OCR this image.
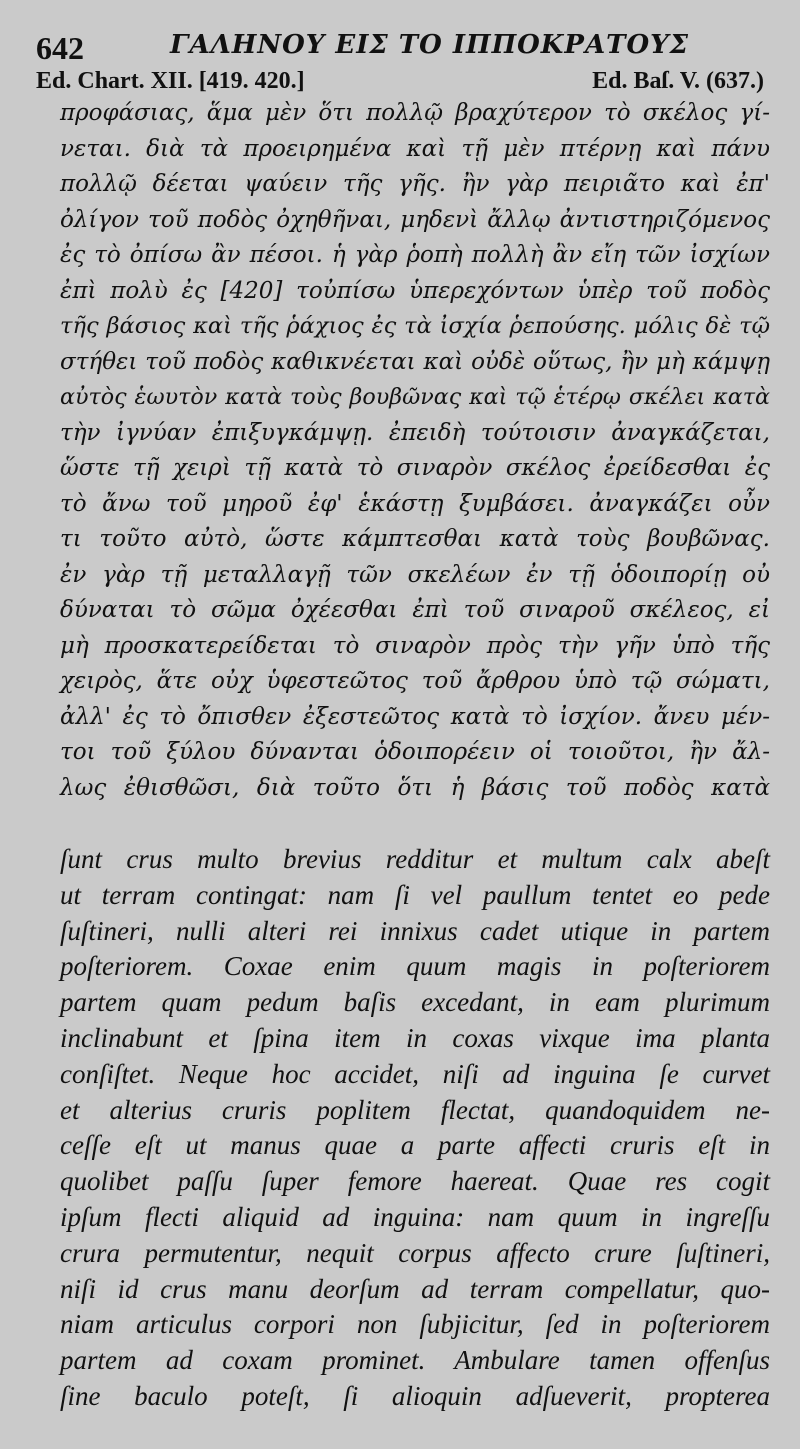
642	ΓΑΛΗΝΟΥ ΕΙΣ ΤΟ ΙΠΠΟΚΡΑΤΟΥΣ
Ed. Chart. XII. [419. 420.]	Ed. Baſ. V. (637.)
προφάσιας, ἅμα μὲν ὅτι πολλῷ βραχύτερον τὸ σκέλος γί-
νεται. διὰ τὰ προειρημένα καὶ τῇ μὲν πτέρνῃ καὶ πάνυ
πολλῷ δέεται ψαύειν τῆς γῆς. ἢν γὰρ πειριᾶτο καὶ ἐπ'
ὀλίγον τοῦ ποδὸς ὀχηθῆναι, μηδενὶ ἄλλῳ ἀντιστηριζόμενος
ἐς τὸ ὀπίσω ἂν πέσοι. ἡ γὰρ ῥοπὴ πολλὴ ἂν εἴη τῶν ἰσχίων
ἐπὶ πολὺ ἐς [420] τοὐπίσω ὑπερεχόντων ὑπὲρ τοῦ ποδὸς
τῆς βάσιος καὶ τῆς ῥάχιος ἐς τὰ ἰσχία ῥεπούσης. μόλις δὲ τῷ
στήθει τοῦ ποδὸς καθικνέεται καὶ οὐδὲ οὕτως, ἢν μὴ κάμψῃ
αὐτὸς ἑωυτὸν κατὰ τοὺς βουβῶνας καὶ τῷ ἑτέρῳ σκέλει κατὰ
τὴν ἰγνύαν ἐπιξυγκάμψῃ. ἐπειδὴ τούτοισιν ἀναγκάζεται,
ὥστε τῇ χειρὶ τῇ κατὰ τὸ σιναρὸν σκέλος ἐρείδεσθαι ἐς
τὸ ἄνω τοῦ μηροῦ ἐφ' ἑκάστῃ ξυμβάσει. ἀναγκάζει οὖν
τι τοῦτο αὐτὸ, ὥστε κάμπτεσθαι κατὰ τοὺς βουβῶνας.
ἐν γὰρ τῇ μεταλλαγῇ τῶν σκελέων ἐν τῇ ὁδοιπορίῃ οὐ
δύναται τὸ σῶμα ὀχέεσθαι ἐπὶ τοῦ σιναροῦ σκέλεος, εἰ
μὴ προσκατερείδεται τὸ σιναρὸν πρὸς τὴν γῆν ὑπὸ τῆς
χειρὸς, ἅτε οὐχ ὑφεστεῶτος τοῦ ἄρθρου ὑπὸ τῷ σώματι,
ἀλλ' ἐς τὸ ὄπισθεν ἐξεστεῶτος κατὰ τὸ ἰσχίον. ἄνευ μέν-
τοι τοῦ ξύλου δύνανται ὁδοιπορέειν οἱ τοιοῦτοι, ἢν ἄλ-
λως ἐθισθῶσι, διὰ τοῦτο ὅτι ἡ βάσις τοῦ ποδὸς κατὰ
ſunt crus multo brevius redditur et multum calx abeſt
ut terram contingat: nam ſi vel paullum tentet eo pede
ſuſtineri, nulli alteri rei innixus cadet utique in partem
poſteriorem. Coxae enim quum magis in poſteriorem
partem quam pedum baſis excedant, in eam plurimum
inclinabunt et ſpina item in coxas vixque ima planta
conſiſtet. Neque hoc accidet, niſi ad inguina ſe curvet
et alterius cruris poplitem flectat, quandoquidem ne-
ceſſe eſt ut manus quae a parte affecti cruris eſt in
quolibet paſſu ſuper femore haereat. Quae res cogit
ipſum flecti aliquid ad inguina: nam quum in ingreſſu
crura permutentur, nequit corpus affecto crure ſuſtineri,
niſi id crus manu deorſum ad terram compellatur, quo-
niam articulus corpori non ſubjicitur, ſed in poſteriorem
partem ad coxam prominet. Ambulare tamen offenſus
ſine baculo poteſt, ſi alioquin adſueverit, propterea
